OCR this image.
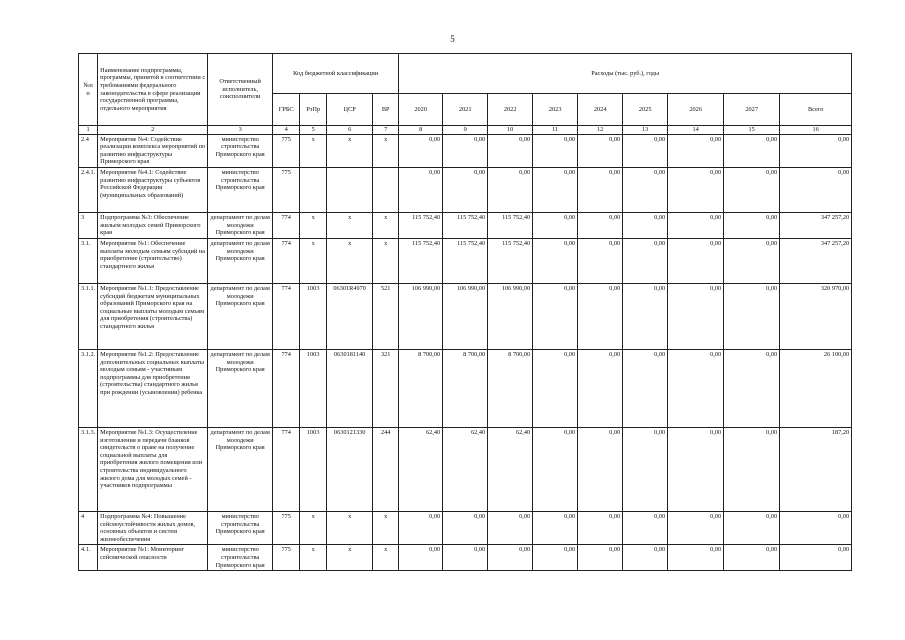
5
№п п	Наименование подпрограммы, программы, принятой в соответствии с требованиями федерального законодательства в сфере реализации государственной программы, отдельного мероприятия	Ответственный исполнитель, соисполнители	Код бюджетной классификации				Расходы (тыс. руб.), годы								
			ГРБС	РзПр	ЦСР	ВР	2020	2021	2022	2023	2024	2025	2026	2027	Всего
1	2	3	4	5	6	7	8	9	10	11	12	13	14	15	16
2.4	Мероприятие №4: Содействие реализации комплекса мероприятий по развитию инфраструктуры Приморского края	министерство строительства Приморского края	775	х	х	х	0,00	0,00	0,00	0,00	0,00	0,00	0,00	0,00	0,00
2.4.1.	Мероприятие №4.1: Содействие развитию инфраструктуры субъектов Российской Федерации (муниципальных образований)	министерство строительства Приморского края	775				0,00	0,00	0,00	0,00	0,00	0,00	0,00	0,00	0,00
3	Подпрограмма №3: Обеспечение жильем молодых семей Приморского края	департамент по делам молодежи Приморского края	774	х	х	х	115 752,40	115 752,40	115 752,40	0,00	0,00	0,00	0,00	0,00	347 257,20
3.1.	Мероприятие №1: Обеспечение выплаты молодым семьям субсидий на приобретение (строительство) стандартного жилья	департамент по делам молодежи Приморского края	774	х	х	х	115 752,40	115 752,40	115 752,40	0,00	0,00	0,00	0,00	0,00	347 257,20
3.1.1.	Мероприятие №1.1: Предоставление субсидий бюджетам муниципальных образований Приморского края на социальные выплаты молодым семьям для приобретения (строительства) стандартного жилья	департамент по делам молодежи Приморского края	774	1003	06301R4970	521	106 990,00	106 990,00	106 990,00	0,00	0,00	0,00	0,00	0,00	320 970,00
3.1.2.	Мероприятие №1.2: Предоставление дополнительных социальных выплаты молодым семьям - участникам подпрограммы для приобретения (строительства) стандартного жилья при рождении (усыновлении) ребенка	департамент по делам молодежи Приморского края	774	1003	0630181140	321	8 700,00	8 700,00	8 700,00	0,00	0,00	0,00	0,00	0,00	26 100,00
3.1.3.	Мероприятие №1.3: Осуществление изготовления и передачи бланков свидетельств о праве на получение социальной выплаты для приобретения жилого помещения или строительства индивидуального жилого дома для молодых семей - участников подпрограммы	департамент по делам молодежи Приморского края	774	1003	0630121330	244	62,40	62,40	62,40	0,00	0,00	0,00	0,00	0,00	187,20
4	Подпрограмма №4: Повышение сейсмоустойчивости жилых домов, основных объектов и систем жизнеобеспечения	министерство строительства Приморского края	775	х	х	х	0,00	0,00	0,00	0,00	0,00	0,00	0,00	0,00	0,00
4.1.	Мероприятие №1: Мониторинг сейсмической опасности	министерство строительства Приморского края	775	х	х	х	0,00	0,00	0,00	0,00	0,00	0,00	0,00	0,00	0,00
